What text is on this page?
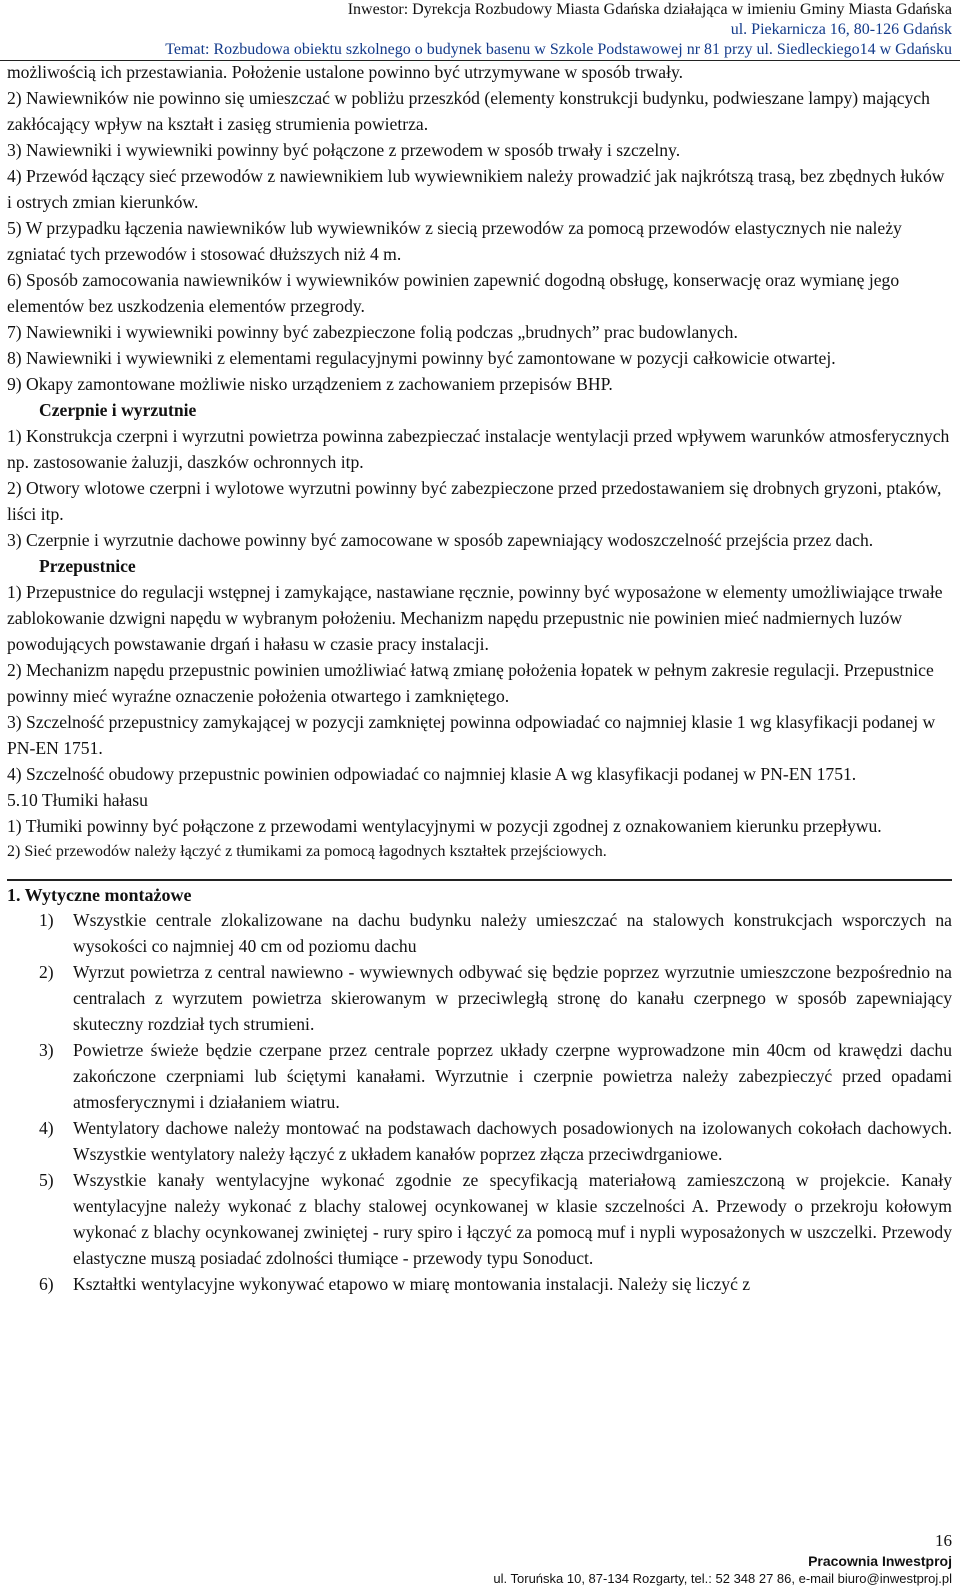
Inwestor: Dyrekcja Rozbudowy Miasta Gdańska działająca w imieniu Gminy Miasta Gdańska
ul. Piekarnicza 16, 80-126 Gdańsk
Temat: Rozbudowa obiektu szkolnego o budynek basenu w Szkole Podstawowej nr 81 przy ul. Siedleckiego14 w Gdańsku

możliwością ich przestawiania. Położenie ustalone powinno być utrzymywane w sposób trwały.

2) Nawiewników nie powinno się umieszczać w pobliżu przeszkód (elementy konstrukcji budynku, podwieszane lampy) mających zakłócający wpływ na kształt i zasięg strumienia powietrza.

3) Nawiewniki i wywiewniki powinny być połączone z przewodem w sposób trwały i szczelny.

4) Przewód łączący sieć przewodów z nawiewnikiem lub wywiewnikiem należy prowadzić jak najkrótszą trasą, bez zbędnych łuków i ostrych zmian kierunków.

5) W przypadku łączenia nawiewników lub wywiewników z siecią przewodów za pomocą przewodów elastycznych nie należy zgniatać tych przewodów i stosować dłuższych niż 4 m.

6) Sposób zamocowania nawiewników i wywiewników powinien zapewnić dogodną obsługę, konserwację oraz wymianę jego elementów bez uszkodzenia elementów przegrody.

7) Nawiewniki i wywiewniki powinny być zabezpieczone folią podczas „brudnych” prac budowlanych.

8) Nawiewniki i wywiewniki z elementami regulacyjnymi powinny być zamontowane w pozycji całkowicie otwartej.

9) Okapy zamontowane możliwie nisko urządzeniem z zachowaniem przepisów BHP.

Czerpnie i wyrzutnie

1) Konstrukcja czerpni i wyrzutni powietrza powinna zabezpieczać instalacje wentylacji przed wpływem warunków atmosferycznych np. zastosowanie żaluzji, daszków ochronnych itp.

2) Otwory wlotowe czerpni i wylotowe wyrzutni powinny być zabezpieczone przed przedostawaniem się drobnych gryzoni, ptaków, liści itp.

3) Czerpnie i wyrzutnie dachowe powinny być zamocowane w sposób zapewniający wodoszczelność przejścia przez dach.

Przepustnice

1) Przepustnice do regulacji wstępnej i zamykające, nastawiane ręcznie, powinny być wyposażone w elementy umożliwiające trwałe zablokowanie dzwigni napędu w wybranym położeniu. Mechanizm napędu przepustnic nie powinien mieć nadmiernych luzów powodujących powstawanie drgań i hałasu w czasie pracy instalacji.

2) Mechanizm napędu przepustnic powinien umożliwiać łatwą zmianę położenia łopatek w pełnym zakresie regulacji. Przepustnice powinny mieć wyraźne oznaczenie położenia otwartego i zamkniętego.

3) Szczelność przepustnicy zamykającej w pozycji zamkniętej powinna odpowiadać co najmniej klasie 1 wg klasyfikacji podanej w PN-EN 1751.

4) Szczelność obudowy przepustnic powinien odpowiadać co najmniej klasie A wg klasyfikacji podanej w PN-EN 1751.

5.10 Tłumiki hałasu

1) Tłumiki powinny być połączone z przewodami wentylacyjnymi w pozycji zgodnej z oznakowaniem kierunku przepływu.

2) Sieć przewodów należy łączyć z tłumikami za pomocą łagodnych kształtek przejściowych.

1. Wytyczne montażowe
1) Wszystkie centrale zlokalizowane na dachu budynku należy umieszczać na stalowych konstrukcjach wsporczych na wysokości co najmniej 40 cm od poziomu dachu
2) Wyrzut powietrza z central nawiewno - wywiewnych odbywać się będzie poprzez wyrzutnie umieszczone bezpośrednio na centralach z wyrzutem powietrza skierowanym w przeciwległą stronę do kanału czerpnego w sposób zapewniający skuteczny rozdział tych strumieni.
3) Powietrze świeże będzie czerpane przez centrale poprzez układy czerpne wyprowadzone min 40cm od krawędzi dachu zakończone czerpniami lub ściętymi kanałami. Wyrzutnie i czerpnie powietrza należy zabezpieczyć przed opadami atmosferycznymi i działaniem wiatru.
4) Wentylatory dachowe należy montować na podstawach dachowych posadowionych na izolowanych cokołach dachowych. Wszystkie wentylatory należy łączyć z układem kanałów poprzez złącza przeciwdrganiowe.
5) Wszystkie kanały wentylacyjne wykonać zgodnie ze specyfikacją materiałową zamieszczoną w projekcie. Kanały wentylacyjne należy wykonać z blachy stalowej ocynkowanej w klasie szczelności A. Przewody o przekroju kołowym wykonać z blachy ocynkowanej zwiniętej - rury spiro i łączyć za pomocą muf i nypli wyposażonych w uszczelki. Przewody elastyczne muszą posiadać zdolności tłumiące - przewody typu Sonoduct.
6) Kształtki wentylacyjne wykonywać etapowo w miarę montowania instalacji. Należy się liczyć z
16
Pracownia Inwestproj
ul. Toruńska 10, 87-134 Rozgarty, tel.: 52 348 27 86, e-mail biuro@inwestproj.pl
